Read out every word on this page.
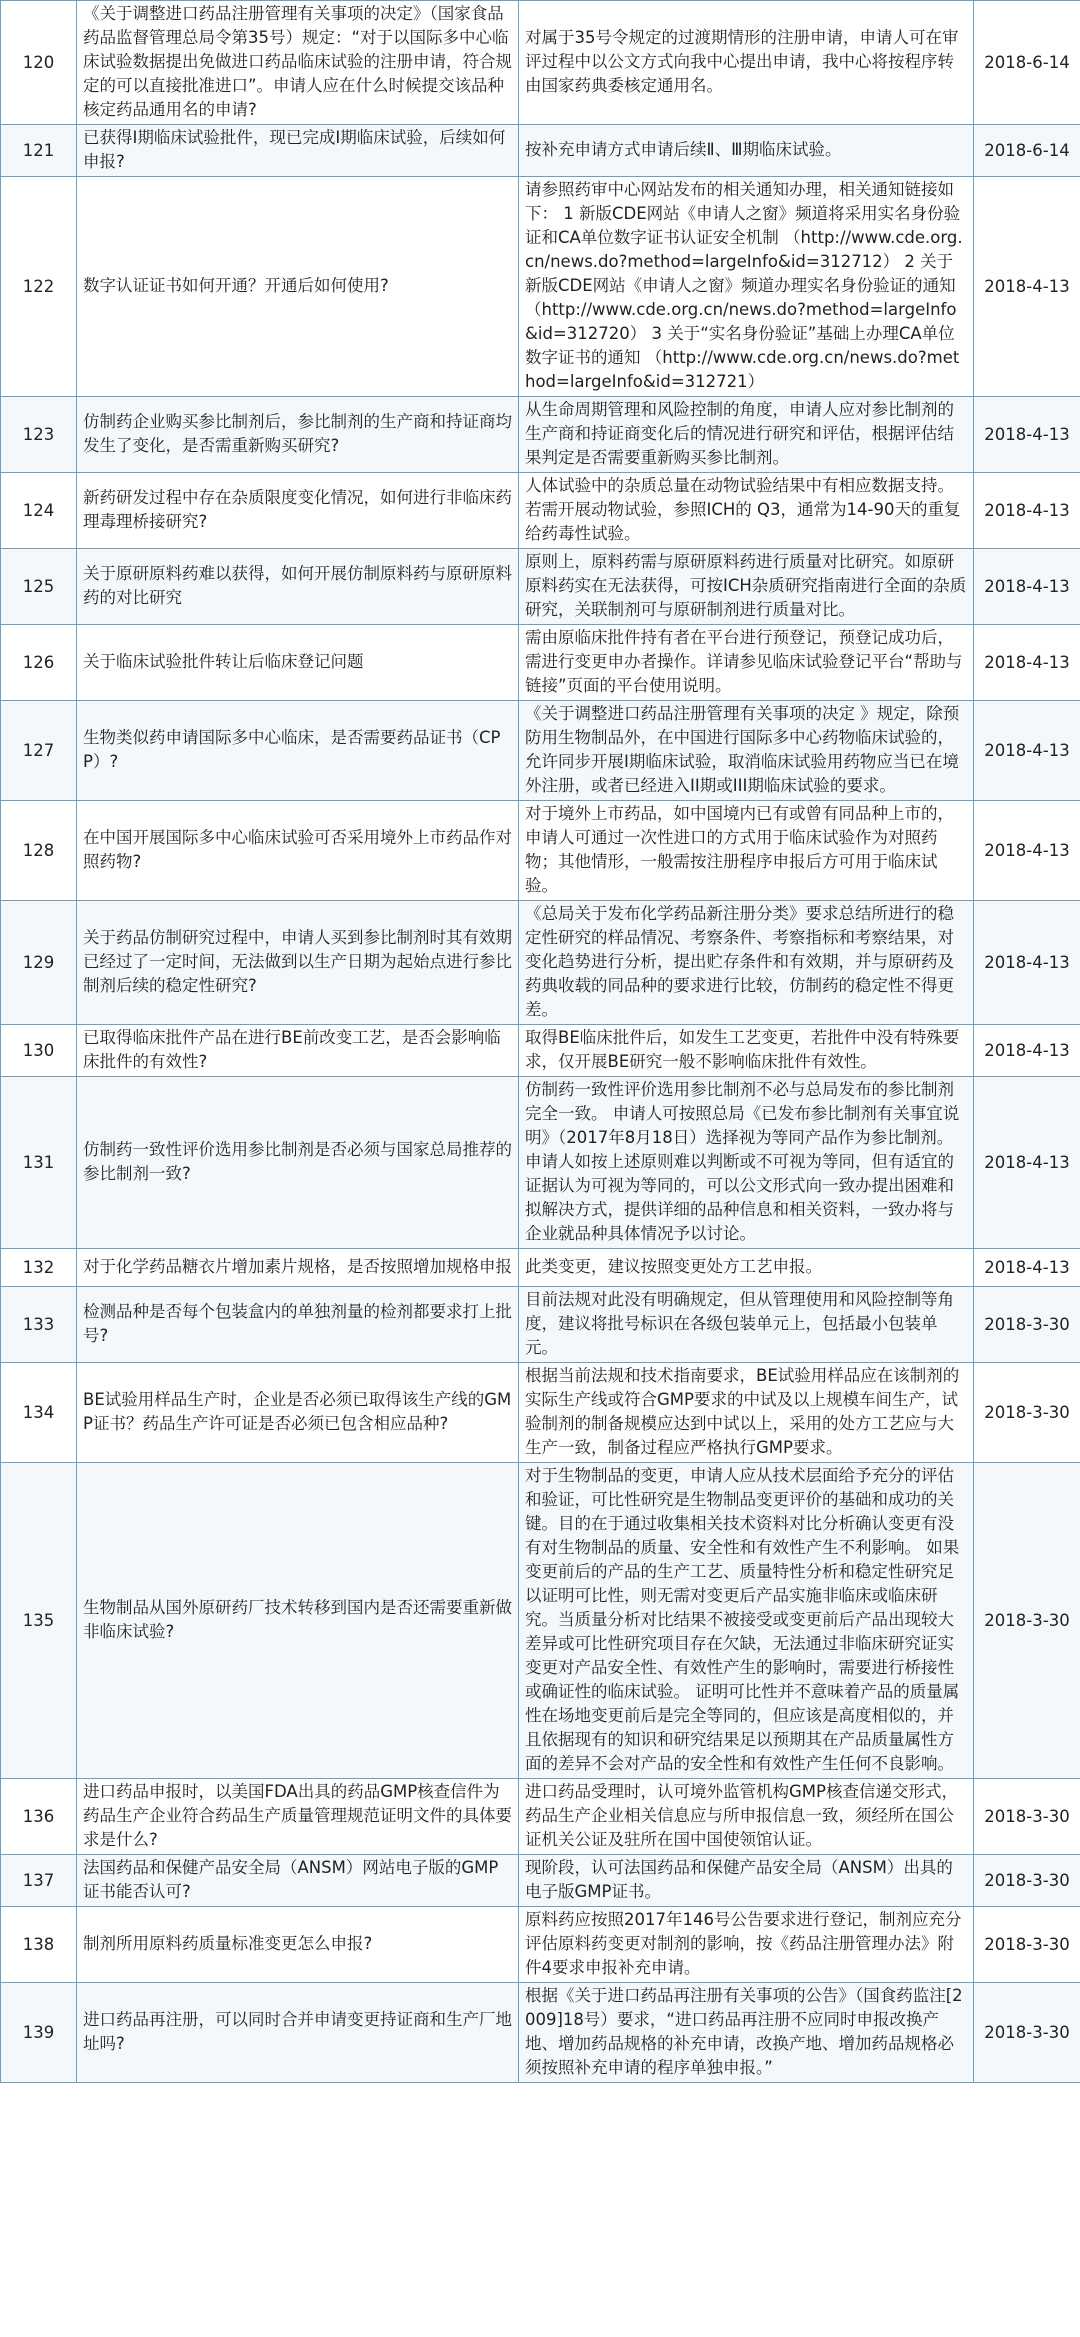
120	《关于调整进口药品注册管理有关事项的决定》（国家食品药品监督管理总局令第35号）规定：“对于以国际多中心临床试验数据提出免做进口药品临床试验的注册申请，符合规定的可以直接批准进口”。申请人应在什么时候提交该品种核定药品通用名的申请?	对属于35号令规定的过渡期情形的注册申请，申请人可在审评过程中以公文方式向我中心提出申请，我中心将按程序转由国家药典委核定通用名。	2018-6-14
121	已获得I期临床试验批件，现已完成Ⅰ期临床试验，后续如何申报?	按补充申请方式申请后续Ⅱ、Ⅲ期临床试验。	2018-6-14
122	数字认证证书如何开通？开通后如何使用?	请参照药审中心网站发布的相关通知办理，相关通知链接如下： 1 新版CDE网站《申请人之窗》频道将采用实名身份验证和CA单位数字证书认证安全机制 （http://www.cde.org.cn/news.do?method=largeInfo&id=312712） 2 关于新版CDE网站《申请人之窗》频道办理实名身份验证的通知 （http://www.cde.org.cn/news.do?method=largeInfo&id=312720） 3 关于“实名身份验证”基础上办理CA单位数字证书的通知 （http://www.cde.org.cn/news.do?method=largeInfo&id=312721）	2018-4-13
123	仿制药企业购买参比制剂后，参比制剂的生产商和持证商均发生了变化，是否需重新购买研究?	从生命周期管理和风险控制的角度，申请人应对参比制剂的生产商和持证商变化后的情况进行研究和评估，根据评估结果判定是否需要重新购买参比制剂。	2018-4-13
124	新药研发过程中存在杂质限度变化情况，如何进行非临床药理毒理桥接研究?	人体试验中的杂质总量在动物试验结果中有相应数据支持。若需开展动物试验，参照ICH的 Q3，通常为14-90天的重复给药毒性试验。	2018-4-13
125	关于原研原料药难以获得，如何开展仿制原料药与原研原料药的对比研究	原则上，原料药需与原研原料药进行质量对比研究。如原研原料药实在无法获得，可按ICH杂质研究指南进行全面的杂质研究，关联制剂可与原研制剂进行质量对比。	2018-4-13
126	关于临床试验批件转让后临床登记问题	需由原临床批件持有者在平台进行预登记，预登记成功后，需进行变更申办者操作。详请参见临床试验登记平台“帮助与链接”页面的平台使用说明。	2018-4-13
127	生物类似药申请国际多中心临床，是否需要药品证书（CPP）?	《关于调整进口药品注册管理有关事项的决定 》规定，除预防用生物制品外，在中国进行国际多中心药物临床试验的，允许同步开展I期临床试验，取消临床试验用药物应当已在境外注册，或者已经进入II期或III期临床试验的要求。	2018-4-13
128	在中国开展国际多中心临床试验可否采用境外上市药品作对照药物?	对于境外上市药品，如中国境内已有或曾有同品种上市的，申请人可通过一次性进口的方式用于临床试验作为对照药物；其他情形，一般需按注册程序申报后方可用于临床试验。	2018-4-13
129	关于药品仿制研究过程中，申请人买到参比制剂时其有效期已经过了一定时间，无法做到以生产日期为起始点进行参比制剂后续的稳定性研究?	《总局关于发布化学药品新注册分类》要求总结所进行的稳定性研究的样品情况、考察条件、考察指标和考察结果，对变化趋势进行分析，提出贮存条件和有效期，并与原研药及药典收载的同品种的要求进行比较，仿制药的稳定性不得更差。	2018-4-13
130	已取得临床批件产品在进行BE前改变工艺，是否会影响临床批件的有效性?	取得BE临床批件后，如发生工艺变更，若批件中没有特殊要求，仅开展BE研究一般不影响临床批件有效性。	2018-4-13
131	仿制药一致性评价选用参比制剂是否必须与国家总局推荐的参比制剂一致?	仿制药一致性评价选用参比制剂不必与总局发布的参比制剂完全一致。 申请人可按照总局《已发布参比制剂有关事宜说明》（2017年8月18日）选择视为等同产品作为参比制剂。申请人如按上述原则难以判断或不可视为等同，但有适宜的证据认为可视为等同的，可以公文形式向一致办提出困难和拟解决方式，提供详细的品种信息和相关资料，一致办将与企业就品种具体情况予以讨论。	2018-4-13
132	对于化学药品糖衣片增加素片规格，是否按照增加规格申报	此类变更，建议按照变更处方工艺申报。	2018-4-13
133	检测品种是否每个包装盒内的单独剂量的检剂都要求打上批号?	目前法规对此没有明确规定，但从管理使用和风险控制等角度，建议将批号标识在各级包装单元上，包括最小包装单元。	2018-3-30
134	BE试验用样品生产时，企业是否必须已取得该生产线的GMP证书？药品生产许可证是否必须已包含相应品种?	根据当前法规和技术指南要求，BE试验用样品应在该制剂的实际生产线或符合GMP要求的中试及以上规模车间生产，试验制剂的制备规模应达到中试以上，采用的处方工艺应与大生产一致，制备过程应严格执行GMP要求。	2018-3-30
135	生物制品从国外原研药厂技术转移到国内是否还需要重新做非临床试验?	对于生物制品的变更，申请人应从技术层面给予充分的评估和验证，可比性研究是生物制品变更评价的基础和成功的关键。目的在于通过收集相关技术资料对比分析确认变更有没有对生物制品的质量、安全性和有效性产生不利影响。 如果变更前后的产品的生产工艺、质量特性分析和稳定性研究足以证明可比性，则无需对变更后产品实施非临床或临床研究。当质量分析对比结果不被接受或变更前后产品出现较大差异或可比性研究项目存在欠缺，无法通过非临床研究证实变更对产品安全性、有效性产生的影响时，需要进行桥接性或确证性的临床试验。 证明可比性并不意味着产品的质量属性在场地变更前后是完全等同的，但应该是高度相似的，并且依据现有的知识和研究结果足以预期其在产品质量属性方面的差异不会对产品的安全性和有效性产生任何不良影响。	2018-3-30
136	进口药品申报时，以美国FDA出具的药品GMP核查信件为药品生产企业符合药品生产质量管理规范证明文件的具体要求是什么?	进口药品受理时，认可境外监管机构GMP核查信递交形式，药品生产企业相关信息应与所申报信息一致，须经所在国公证机关公证及驻所在国中国使领馆认证。	2018-3-30
137	法国药品和保健产品安全局（ANSM）网站电子版的GMP证书能否认可?	现阶段，认可法国药品和保健产品安全局（ANSM）出具的电子版GMP证书。	2018-3-30
138	制剂所用原料药质量标准变更怎么申报?	原料药应按照2017年146号公告要求进行登记，制剂应充分评估原料药变更对制剂的影响，按《药品注册管理办法》附件4要求申报补充申请。	2018-3-30
139	进口药品再注册，可以同时合并申请变更持证商和生产厂地址吗?	根据《关于进口药品再注册有关事项的公告》（国食药监注[2009]18号）要求，“进口药品再注册不应同时申报改换产地、增加药品规格的补充申请，改换产地、增加药品规格必须按照补充申请的程序单独申报。”	2018-3-30
